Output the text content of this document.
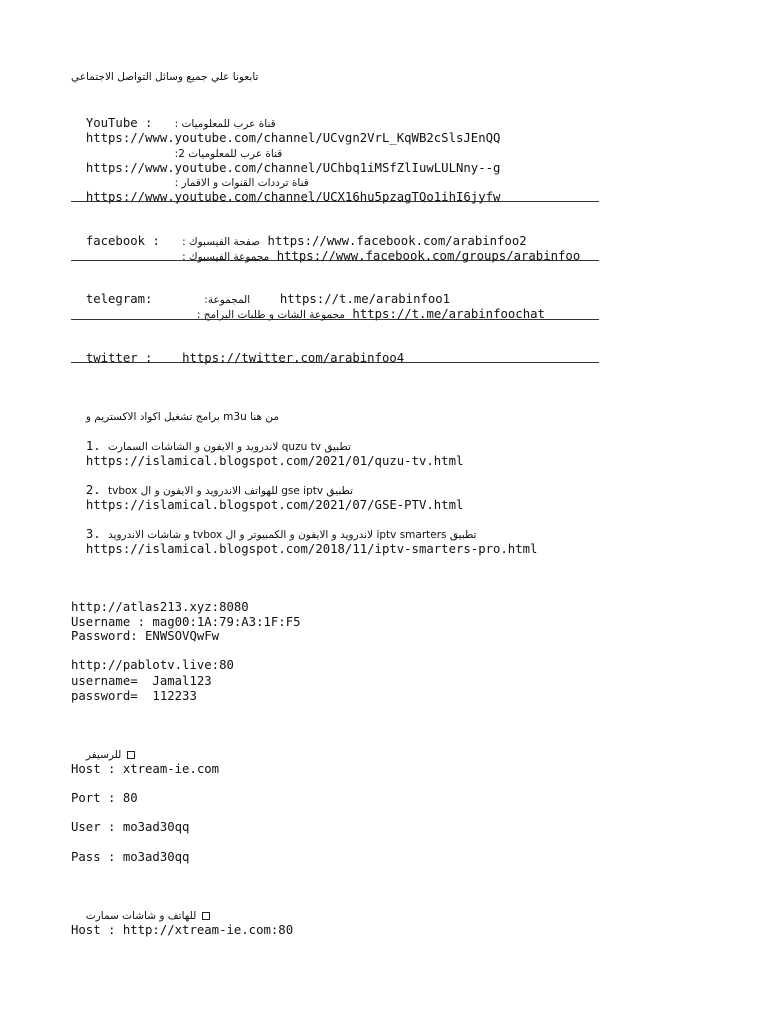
تابعونا علي جميع وسائل التواصل الاجتماعي

YouTube : قناة عرب للمعلوميات :

https://www.youtube.com/channel/UCvgn2VrL_KqWB2cSlsJEnQQ

قناة عرب للمعلوميات 2:

https://www.youtube.com/channel/UChbq1iMSfZlIuwLULNny--g

قناة ترددات القنوات و الاقمار :

https://www.youtube.com/channel/UCX16hu5pzagTQo1ihI6jyfw

facebook : صفحة الفيسبوك : https://www.facebook.com/arabinfoo2

مجموعة الفيسبوك : https://www.facebook.com/groups/arabinfoo

telegram:	المجموعة: https://t.me/arabinfoo1

مجموعة الشات و طلبات البرامج : https://t.me/arabinfoochat

twitter : https://twitter.com/arabinfoo4

من هنا m3u برامج تشغيل اكواد الاكستريم و

1. تطبيق quzu tv لاندرويد و الايفون و الشاشات السمارت

https://islamical.blogspot.com/2021/01/quzu-tv.html

2. تطبيق gse iptv للهواتف الاندرويد و الايفون و ال tvbox

https://islamical.blogspot.com/2021/07/GSE-PTV.html

3. تطبيق iptv smarters لاندرويد و الايفون و الكمبيوتر و ال tvbox و شاشات الاندرويد

https://islamical.blogspot.com/2018/11/iptv-smarters-pro.html

http://atlas213.xyz:8080
Username : mag00:1A:79:A3:1F:F5
Password: ENWSOVQwFw
http://pablotv.live:80
username=  Jamal123
password=  112233

للرسيفر

Host : xtream-ie.com
Port : 80
User : mo3ad30qq
Pass : mo3ad30qq

للهاتف و شاشات سمارت

Host : http://xtream-ie.com:80
